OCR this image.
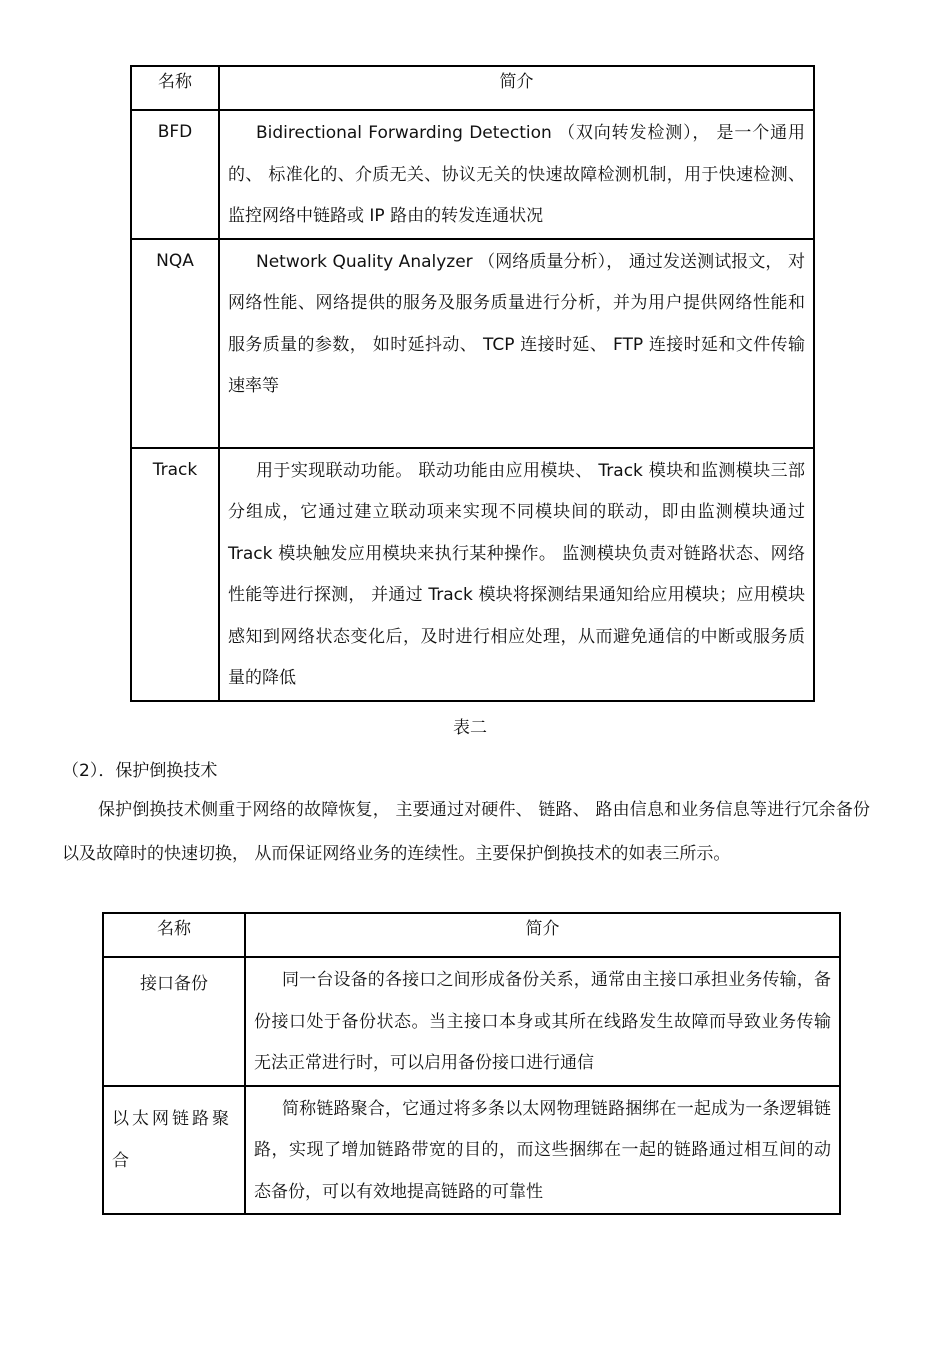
名称	简介
BFD	Bidirectional Forwarding Detection （双向转发检测）， 是一个通用的、 标准化的、介质无关、协议无关的快速故障检测机制，用于快速检测、监控网络中链路或 IP 路由的转发连通状况

NQA	Network Quality Analyzer （网络质量分析）， 通过发送测试报文， 对网络性能、网络提供的服务及服务质量进行分析，并为用户提供网络性能和服务质量的参数， 如时延抖动、 TCP 连接时延、 FTP 连接时延和文件传输速率等

Track	用于实现联动功能。 联动功能由应用模块、 Track 模块和监测模块三部分组成，它通过建立联动项来实现不同模块间的联动，即由监测模块通过 Track 模块触发应用模块来执行某种操作。 监测模块负责对链路状态、网络性能等进行探测， 并通过 Track 模块将探测结果通知给应用模块；应用模块感知到网络状态变化后，及时进行相应处理，从而避免通信的中断或服务质量的降低

表二
（2）．保护倒换技术

保护倒换技术侧重于网络的故障恢复， 主要通过对硬件、 链路、 路由信息和业务信息等进行冗余备份以及故障时的快速切换， 从而保证网络业务的连续性。主要保护倒换技术的如表三所示。

名称	简介
接口备份	同一台设备的各接口之间形成备份关系，通常由主接口承担业务传输，备份接口处于备份状态。当主接口本身或其所在线路发生故障而导致业务传输无法正常进行时，可以启用备份接口进行通信

以太网链路聚合	简称链路聚合，它通过将多条以太网物理链路捆绑在一起成为一条逻辑链路，实现了增加链路带宽的目的，而这些捆绑在一起的链路通过相互间的动态备份，可以有效地提高链路的可靠性
